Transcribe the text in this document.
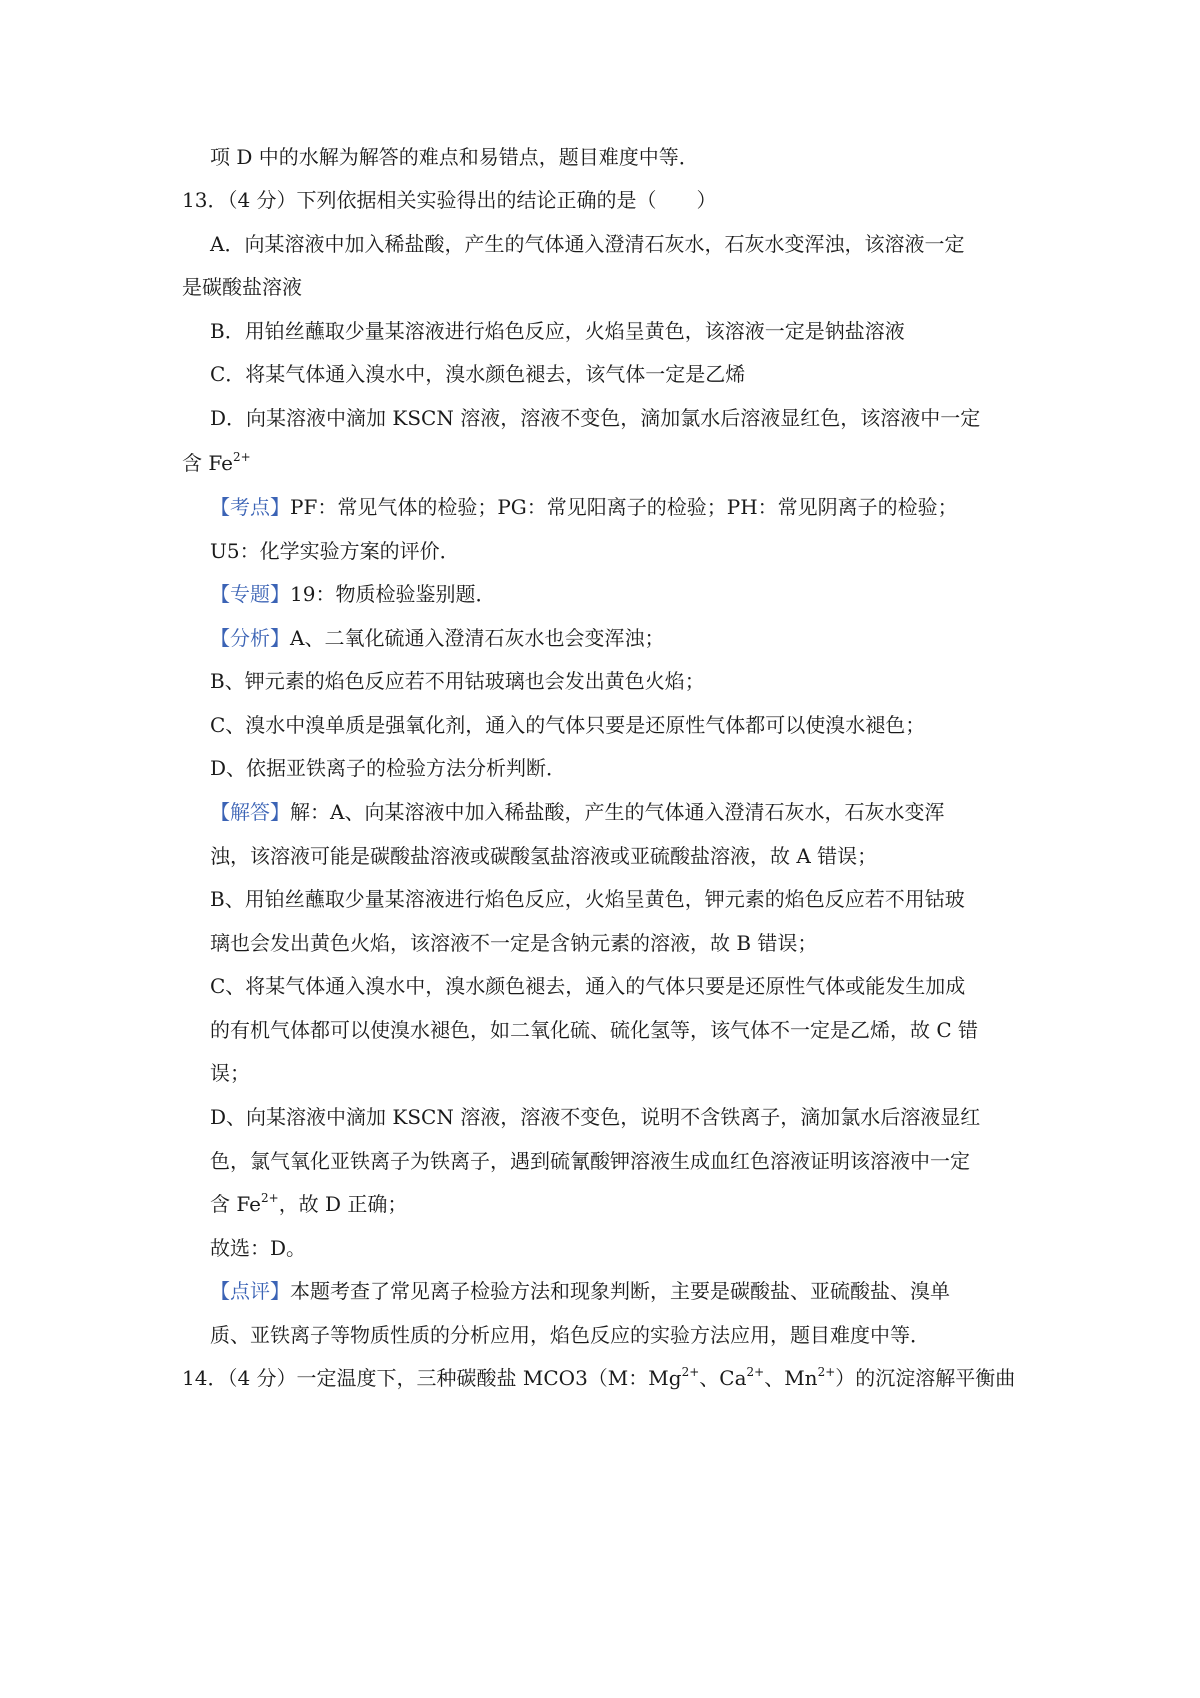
项 D 中的水解为解答的难点和易错点，题目难度中等．
13．（4 分）下列依据相关实验得出的结论正确的是（　　）
A．向某溶液中加入稀盐酸，产生的气体通入澄清石灰水，石灰水变浑浊，该溶液一定
是碳酸盐溶液
B．用铂丝蘸取少量某溶液进行焰色反应，火焰呈黄色，该溶液一定是钠盐溶液
C．将某气体通入溴水中，溴水颜色褪去，该气体一定是乙烯
D．向某溶液中滴加 KSCN 溶液，溶液不变色，滴加氯水后溶液显红色，该溶液中一定
含 $Fe^{2+}$
【考点】PF：常见气体的检验；PG：常见阳离子的检验；PH：常见阴离子的检验；
U5：化学实验方案的评价．
【专题】19：物质检验鉴别题．
【分析】A、二氧化硫通入澄清石灰水也会变浑浊；
B、钾元素的焰色反应若不用钴玻璃也会发出黄色火焰；
C、溴水中溴单质是强氧化剂，通入的气体只要是还原性气体都可以使溴水褪色；
D、依据亚铁离子的检验方法分析判断．
【解答】解：A、向某溶液中加入稀盐酸，产生的气体通入澄清石灰水，石灰水变浑
浊，该溶液可能是碳酸盐溶液或碳酸氢盐溶液或亚硫酸盐溶液，故 A 错误；
B、用铂丝蘸取少量某溶液进行焰色反应，火焰呈黄色，钾元素的焰色反应若不用钴玻
璃也会发出黄色火焰，该溶液不一定是含钠元素的溶液，故 B 错误；
C、将某气体通入溴水中，溴水颜色褪去，通入的气体只要是还原性气体或能发生加成
的有机气体都可以使溴水褪色，如二氧化硫、硫化氢等，该气体不一定是乙烯，故 C 错
误；
D、向某溶液中滴加 KSCN 溶液，溶液不变色，说明不含铁离子，滴加氯水后溶液显红
色，氯气氧化亚铁离子为铁离子，遇到硫氰酸钾溶液生成血红色溶液证明该溶液中一定
含 $Fe^{2+}$，故 D 正确；
故选：D。
【点评】本题考查了常见离子检验方法和现象判断，主要是碳酸盐、亚硫酸盐、溴单
质、亚铁离子等物质性质的分析应用，焰色反应的实验方法应用，题目难度中等．
14．（4 分）一定温度下，三种碳酸盐 MCO3（M：$Mg^{2+}$、$Ca^{2+}$、$Mn^{2+}$）的沉淀溶解平衡曲
